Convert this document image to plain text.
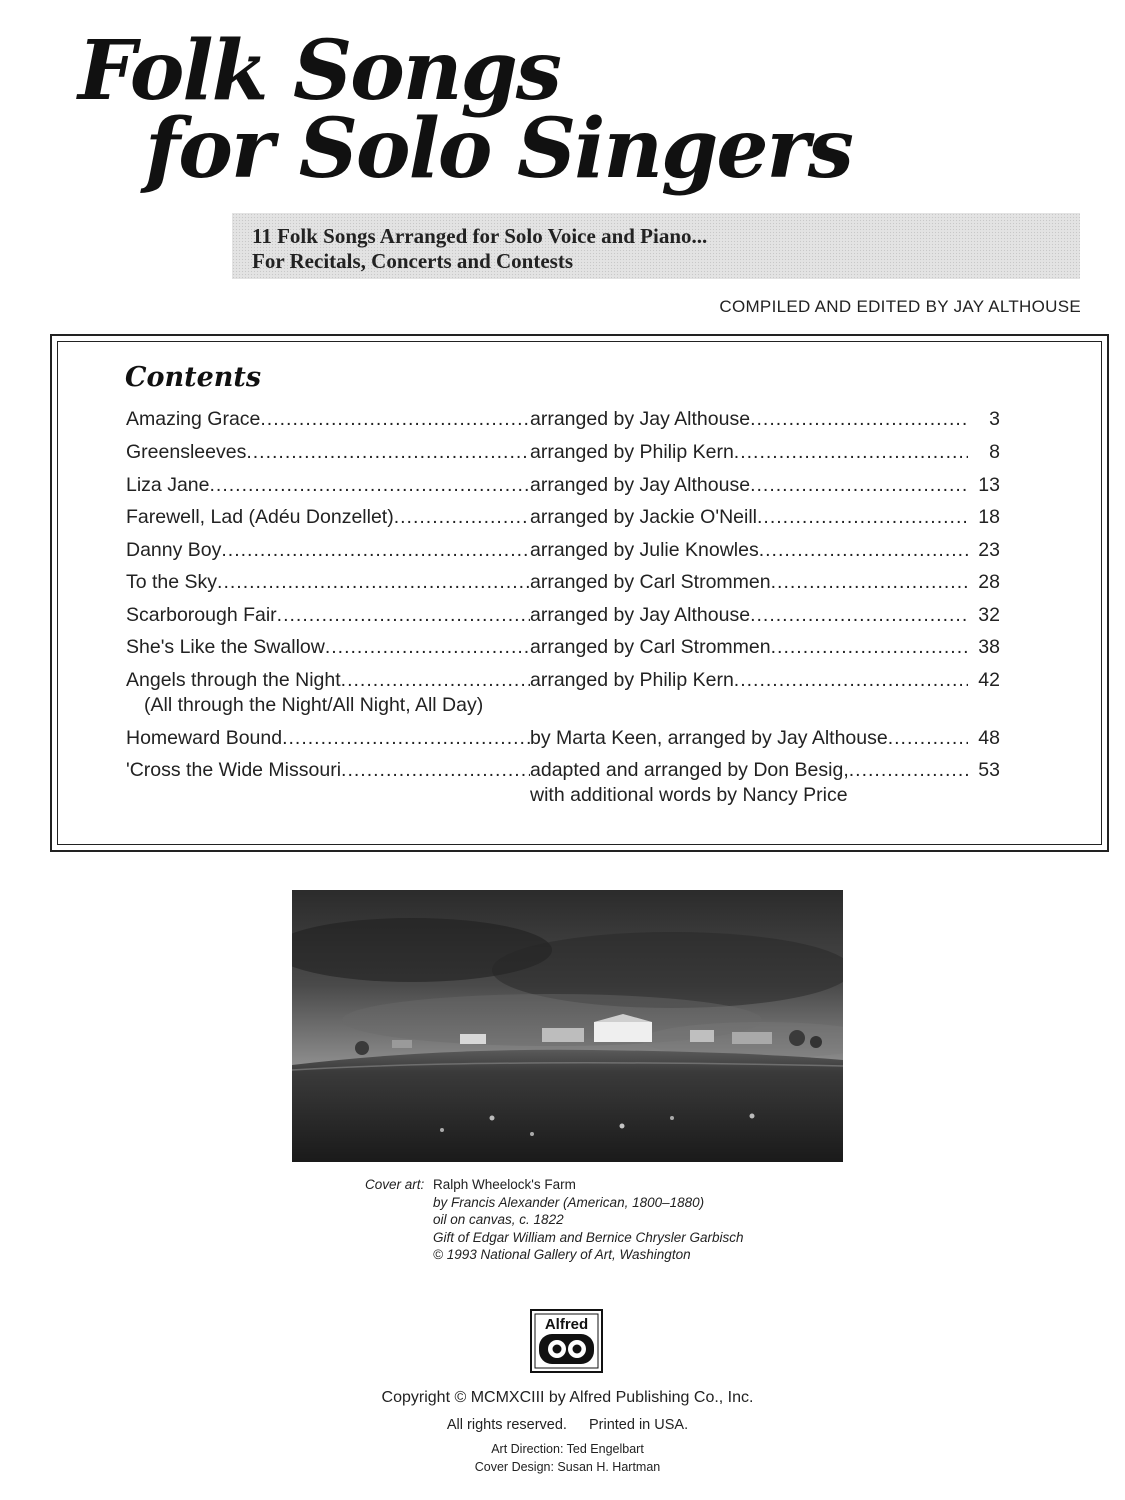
Folk Songs
for Solo Singers
11 Folk Songs Arranged for Solo Voice and Piano...
For Recitals, Concerts and Contests
COMPILED AND EDITED BY JAY ALTHOUSE
Contents
Amazing Grace .....	arranged by Jay Althouse .....	3
Greensleeves .....	arranged by Philip Kern .....	8
Liza Jane .....	arranged by Jay Althouse .....	13
Farewell, Lad (Adéu Donzellet) .....	arranged by Jackie O'Neill .....	18
Danny Boy .....	arranged by Julie Knowles .....	23
To the Sky .....	arranged by Carl Strommen .....	28
Scarborough Fair .....	arranged by Jay Althouse .....	32
She's Like the Swallow .....	arranged by Carl Strommen .....	38
Angels through the Night .....	arranged by Philip Kern .....	42
(All through the Night/All Night, All Day)
Homeward Bound .....	by Marta Keen, arranged by Jay Althouse .....	48
'Cross the Wide Missouri .....	adapted and arranged by Don Besig, .....	53
with additional words by Nancy Price
Cover art: Ralph Wheelock's Farm
by Francis Alexander (American, 1800–1880)
oil on canvas, c. 1822
Gift of Edgar William and Bernice Chrysler Garbisch
© 1993 National Gallery of Art, Washington
Alfred
Copyright © MCMXCIII by Alfred Publishing Co., Inc.
All rights reserved. Printed in USA.
Art Direction: Ted Engelbart
Cover Design: Susan H. Hartman
